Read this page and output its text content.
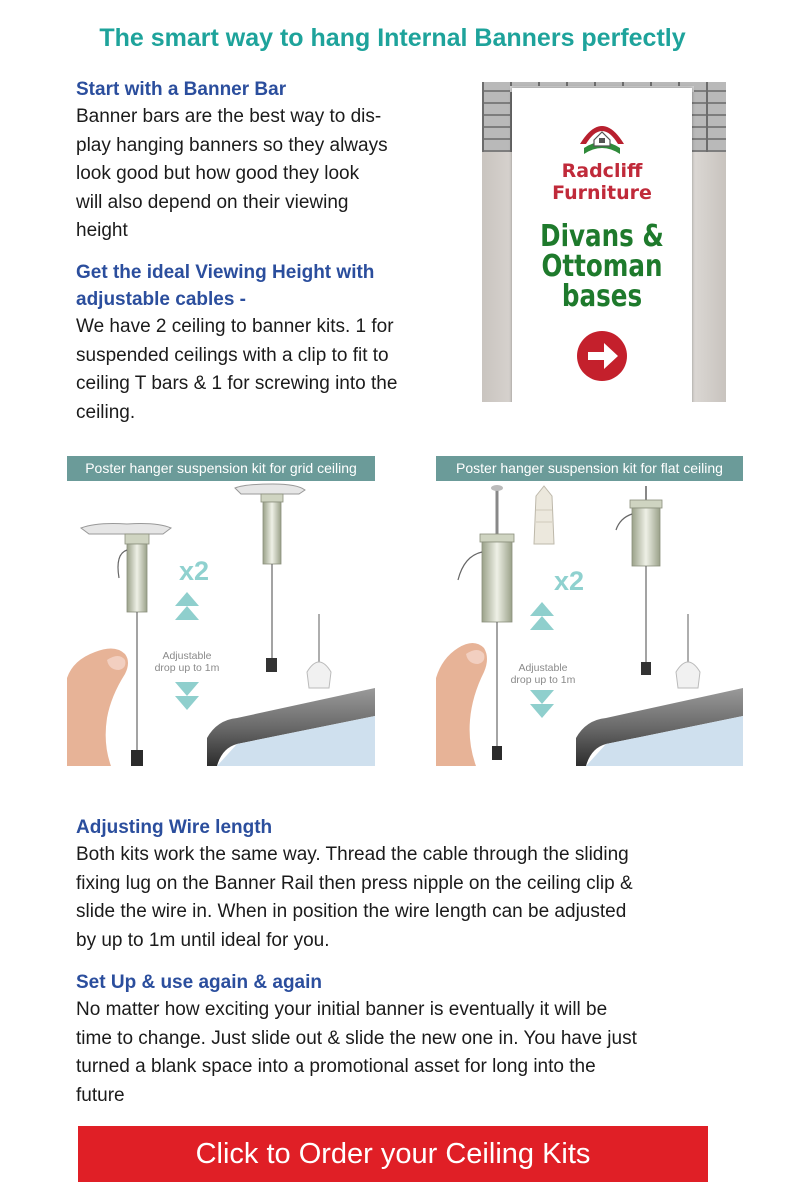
The smart way to hang Internal Banners perfectly

Start with a Banner Bar

Banner bars are the best way to dis-

play hanging banners so they always

look good but how good they look

will also depend on their viewing

height

Get the ideal Viewing Height with

adjustable cables -

We have 2 ceiling to banner kits. 1 for

suspended ceilings with a clip to fit to

ceiling T bars & 1 for screwing into the

ceiling.

Radcliff
Furniture
Divans &
Ottoman
bases
Poster hanger suspension kit for grid ceiling
x2
Adjustable
drop up to 1m
Poster hanger suspension kit for flat ceiling
x2
Adjustable
drop up to 1m

Adjusting Wire length

Both kits work the same way. Thread the cable through the sliding

fixing lug on the Banner Rail then press nipple on the ceiling clip &

slide the wire in. When in position the wire length can be adjusted

by up to 1m until ideal for you.

Set Up & use again & again

No matter how exciting your initial banner is eventually it will be

time to change. Just slide out & slide the new one in. You have just

turned a blank space into a promotional asset for long into the

future

Click to Order your Ceiling Kits
